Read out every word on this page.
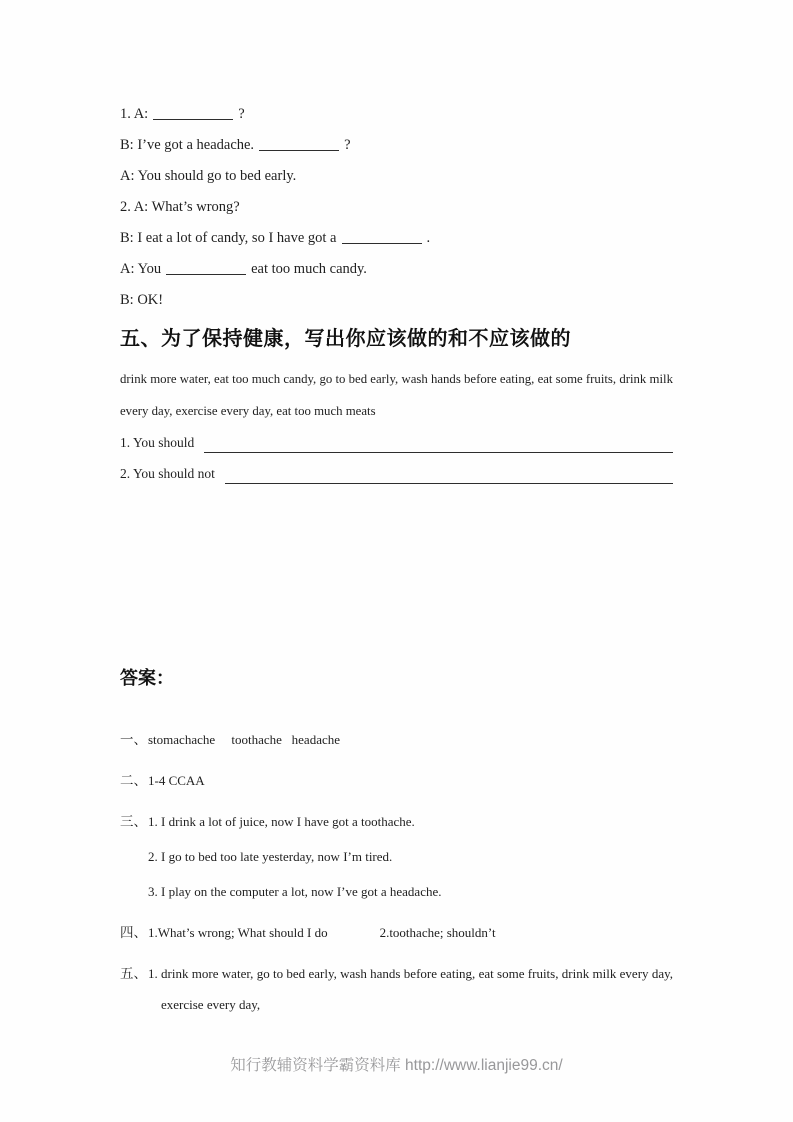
1. A:	?
B: I’ve got a headache.	?
A: You should go to bed early.
2. A: What’s wrong?
B: I eat a lot of candy, so I have got a	.
A: You	eat too much candy.
B: OK!
五、为了保持健康，写出你应该做的和不应该做的
drink more water, eat too much candy, go to bed early, wash hands before eating, eat some fruits, drink milk every day, exercise every day, eat too much meats
1. You should
2. You should not
答案：
一、 stomachache     toothache   headache
二、 1-4 CCAA
三、 1. I drink a lot of juice, now I have got a toothache.
2. I go to bed too late yesterday, now I’m tired.
3. I play on the computer a lot, now I’ve got a headache.
四、 1.What’s wrong; What should I do　　　　2.toothache; shouldn’t
五、 1. drink more water, go to bed early, wash hands before eating, eat some fruits, drink milk every day, exercise every day,
知行教辅资料学霸资料库 http://www.lianjie99.cn/
